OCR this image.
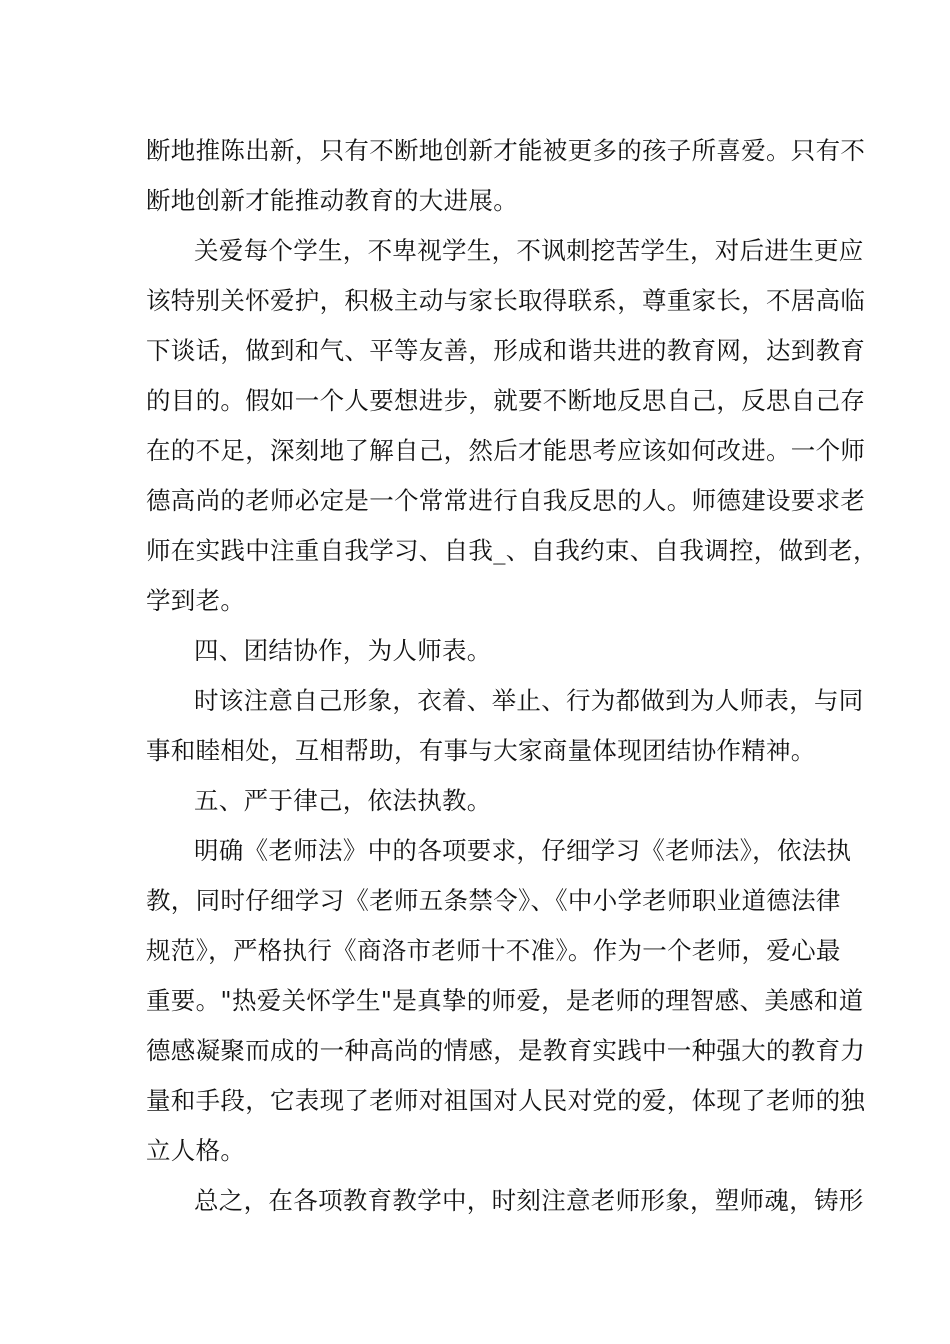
断地推陈出新，只有不断地创新才能被更多的孩子所喜爱。只有不
断地创新才能推动教育的大进展。
关爱每个学生，不卑视学生，不讽刺挖苦学生，对后进生更应
该特别关怀爱护，积极主动与家长取得联系，尊重家长，不居高临
下谈话，做到和气、平等友善，形成和谐共进的教育网，达到教育
的目的。假如一个人要想进步，就要不断地反思自己，反思自己存
在的不足，深刻地了解自己，然后才能思考应该如何改进。一个师
德高尚的老师必定是一个常常进行自我反思的人。师德建设要求老
师在实践中注重自我学习、自我_、自我约束、自我调控，做到老，
学到老。
四、团结协作，为人师表。
时该注意自己形象，衣着、举止、行为都做到为人师表，与同
事和睦相处，互相帮助，有事与大家商量体现团结协作精神。
五、严于律己，依法执教。
明确《老师法》中的各项要求，仔细学习《老师法》，依法执
教，同时仔细学习《老师五条禁令》、《中小学老师职业道德法律
规范》，严格执行《商洛市老师十不准》。作为一个老师，爱心最
重要。"热爱关怀学生"是真挚的师爱，是老师的理智感、美感和道
德感凝聚而成的一种高尚的情感，是教育实践中一种强大的教育力
量和手段，它表现了老师对祖国对人民对党的爱，体现了老师的独
立人格。
总之，在各项教育教学中，时刻注意老师形象，塑师魂，铸形
